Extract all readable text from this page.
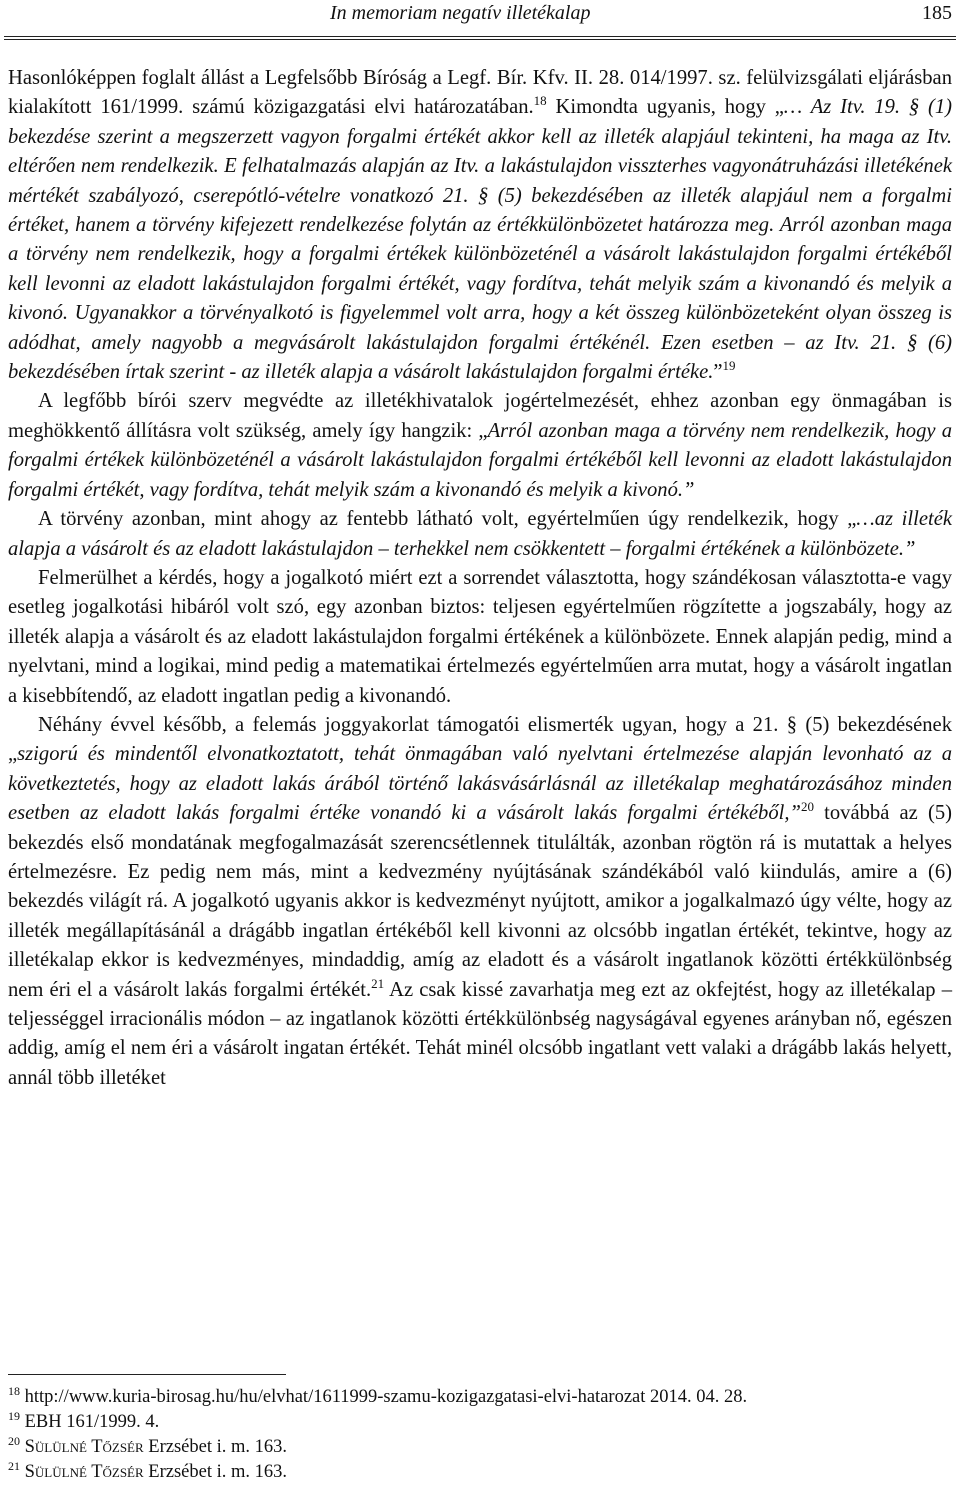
In memoriam negatív illetékalap	185

Hasonlóképpen foglalt állást a Legfelsőbb Bíróság a Legf. Bír. Kfv. II. 28. 014/1997. sz. felülvizsgálati eljárásban kialakított 161/1999. számú közigazgatási elvi határozatában.$^{18}$ Kimondta ugyanis, hogy „… Az Itv. 19. § (1) bekezdése szerint a megszerzett vagyon forgalmi értékét akkor kell az illeték alapjául tekinteni, ha maga az Itv. eltérően nem rendelkezik. E felhatalmazás alapján az Itv. a lakástulajdon visszterhes vagyonátruházási illetékének mértékét szabályozó, cserepótló-vételre vonatkozó 21. § (5) bekezdésében az illeték alapjául nem a forgalmi értéket, hanem a törvény kifejezett rendelkezése folytán az értékkülönbözetet határozza meg. Arról azonban maga a törvény nem rendelkezik, hogy a forgalmi értékek különbözeténél a vásárolt lakástulajdon forgalmi értékéből kell levonni az eladott lakástulajdon forgalmi értékét, vagy fordítva, tehát melyik szám a kivonandó és melyik a kivonó. Ugyanakkor a törvényalkotó is figyelemmel volt arra, hogy a két összeg különbözeteként olyan összeg is adódhat, amely nagyobb a megvásárolt lakástulajdon forgalmi értékénél. Ezen esetben – az Itv. 21. § (6) bekezdésében írtak szerint - az illeték alapja a vásárolt lakástulajdon forgalmi értéke.”$^{19}$

A legfőbb bírói szerv megvédte az illetékhivatalok jogértelmezését, ehhez azonban egy önmagában is meghökkentő állításra volt szükség, amely így hangzik: „Arról azonban maga a törvény nem rendelkezik, hogy a forgalmi értékek különbözeténél a vásárolt lakástulajdon forgalmi értékéből kell levonni az eladott lakástulajdon forgalmi értékét, vagy fordítva, tehát melyik szám a kivonandó és melyik a kivonó.”

A törvény azonban, mint ahogy az fentebb látható volt, egyértelműen úgy rendelkezik, hogy „…az illeték alapja a vásárolt és az eladott lakástulajdon – terhekkel nem csökkentett – forgalmi értékének a különbözete.”

Felmerülhet a kérdés, hogy a jogalkotó miért ezt a sorrendet választotta, hogy szándékosan választotta-e vagy esetleg jogalkotási hibáról volt szó, egy azonban biztos: teljesen egyértelműen rögzítette a jogszabály, hogy az illeték alapja a vásárolt és az eladott lakástulajdon forgalmi értékének a különbözete. Ennek alapján pedig, mind a nyelvtani, mind a logikai, mind pedig a matematikai értelmezés egyértelműen arra mutat, hogy a vásárolt ingatlan a kisebbítendő, az eladott ingatlan pedig a kivonandó.

Néhány évvel később, a felemás joggyakorlat támogatói elismerték ugyan, hogy a 21. § (5) bekezdésének „szigorú és mindentől elvonatkoztatott, tehát önmagában való nyelvtani értelmezése alapján levonható az a következtetés, hogy az eladott lakás árából történő lakásvásárlásnál az illetékalap meghatározásához minden esetben az eladott lakás forgalmi értéke vonandó ki a vásárolt lakás forgalmi értékéből,”$^{20}$ továbbá az (5) bekezdés első mondatának megfogalmazását szerencsétlennek titulálták, azonban rögtön rá is mutattak a helyes értelmezésre. Ez pedig nem más, mint a kedvezmény nyújtásának szándékából való kiindulás, amire a (6) bekezdés világít rá. A jogalkotó ugyanis akkor is kedvezményt nyújtott, amikor a jogalkalmazó úgy vélte, hogy az illeték megállapításánál a drágább ingatlan értékéből kell kivonni az olcsóbb ingatlan értékét, tekintve, hogy az illetékalap ekkor is kedvezményes, mindaddig, amíg az eladott és a vásárolt ingatlanok közötti értékkülönbség nem éri el a vásárolt lakás forgalmi értékét.$^{21}$ Az csak kissé zavarhatja meg ezt az okfejtést, hogy az illetékalap – teljességgel irracionális módon – az ingatlanok közötti értékkülönbség nagyságával egyenes arányban nő, egészen addig, amíg el nem éri a vásárolt ingatan értékét. Tehát minél olcsóbb ingatlant vett valaki a drágább lakás helyett, annál több illetéket

$^{18}$ http://www.kuria-birosag.hu/hu/elvhat/1611999-szamu-kozigazgatasi-elvi-hatarozat 2014. 04. 28.
$^{19}$ EBH 161/1999. 4.
$^{20}$ Sülülné Tőzsér Erzsébet i. m. 163.
$^{21}$ Sülülné Tőzsér Erzsébet i. m. 163.
